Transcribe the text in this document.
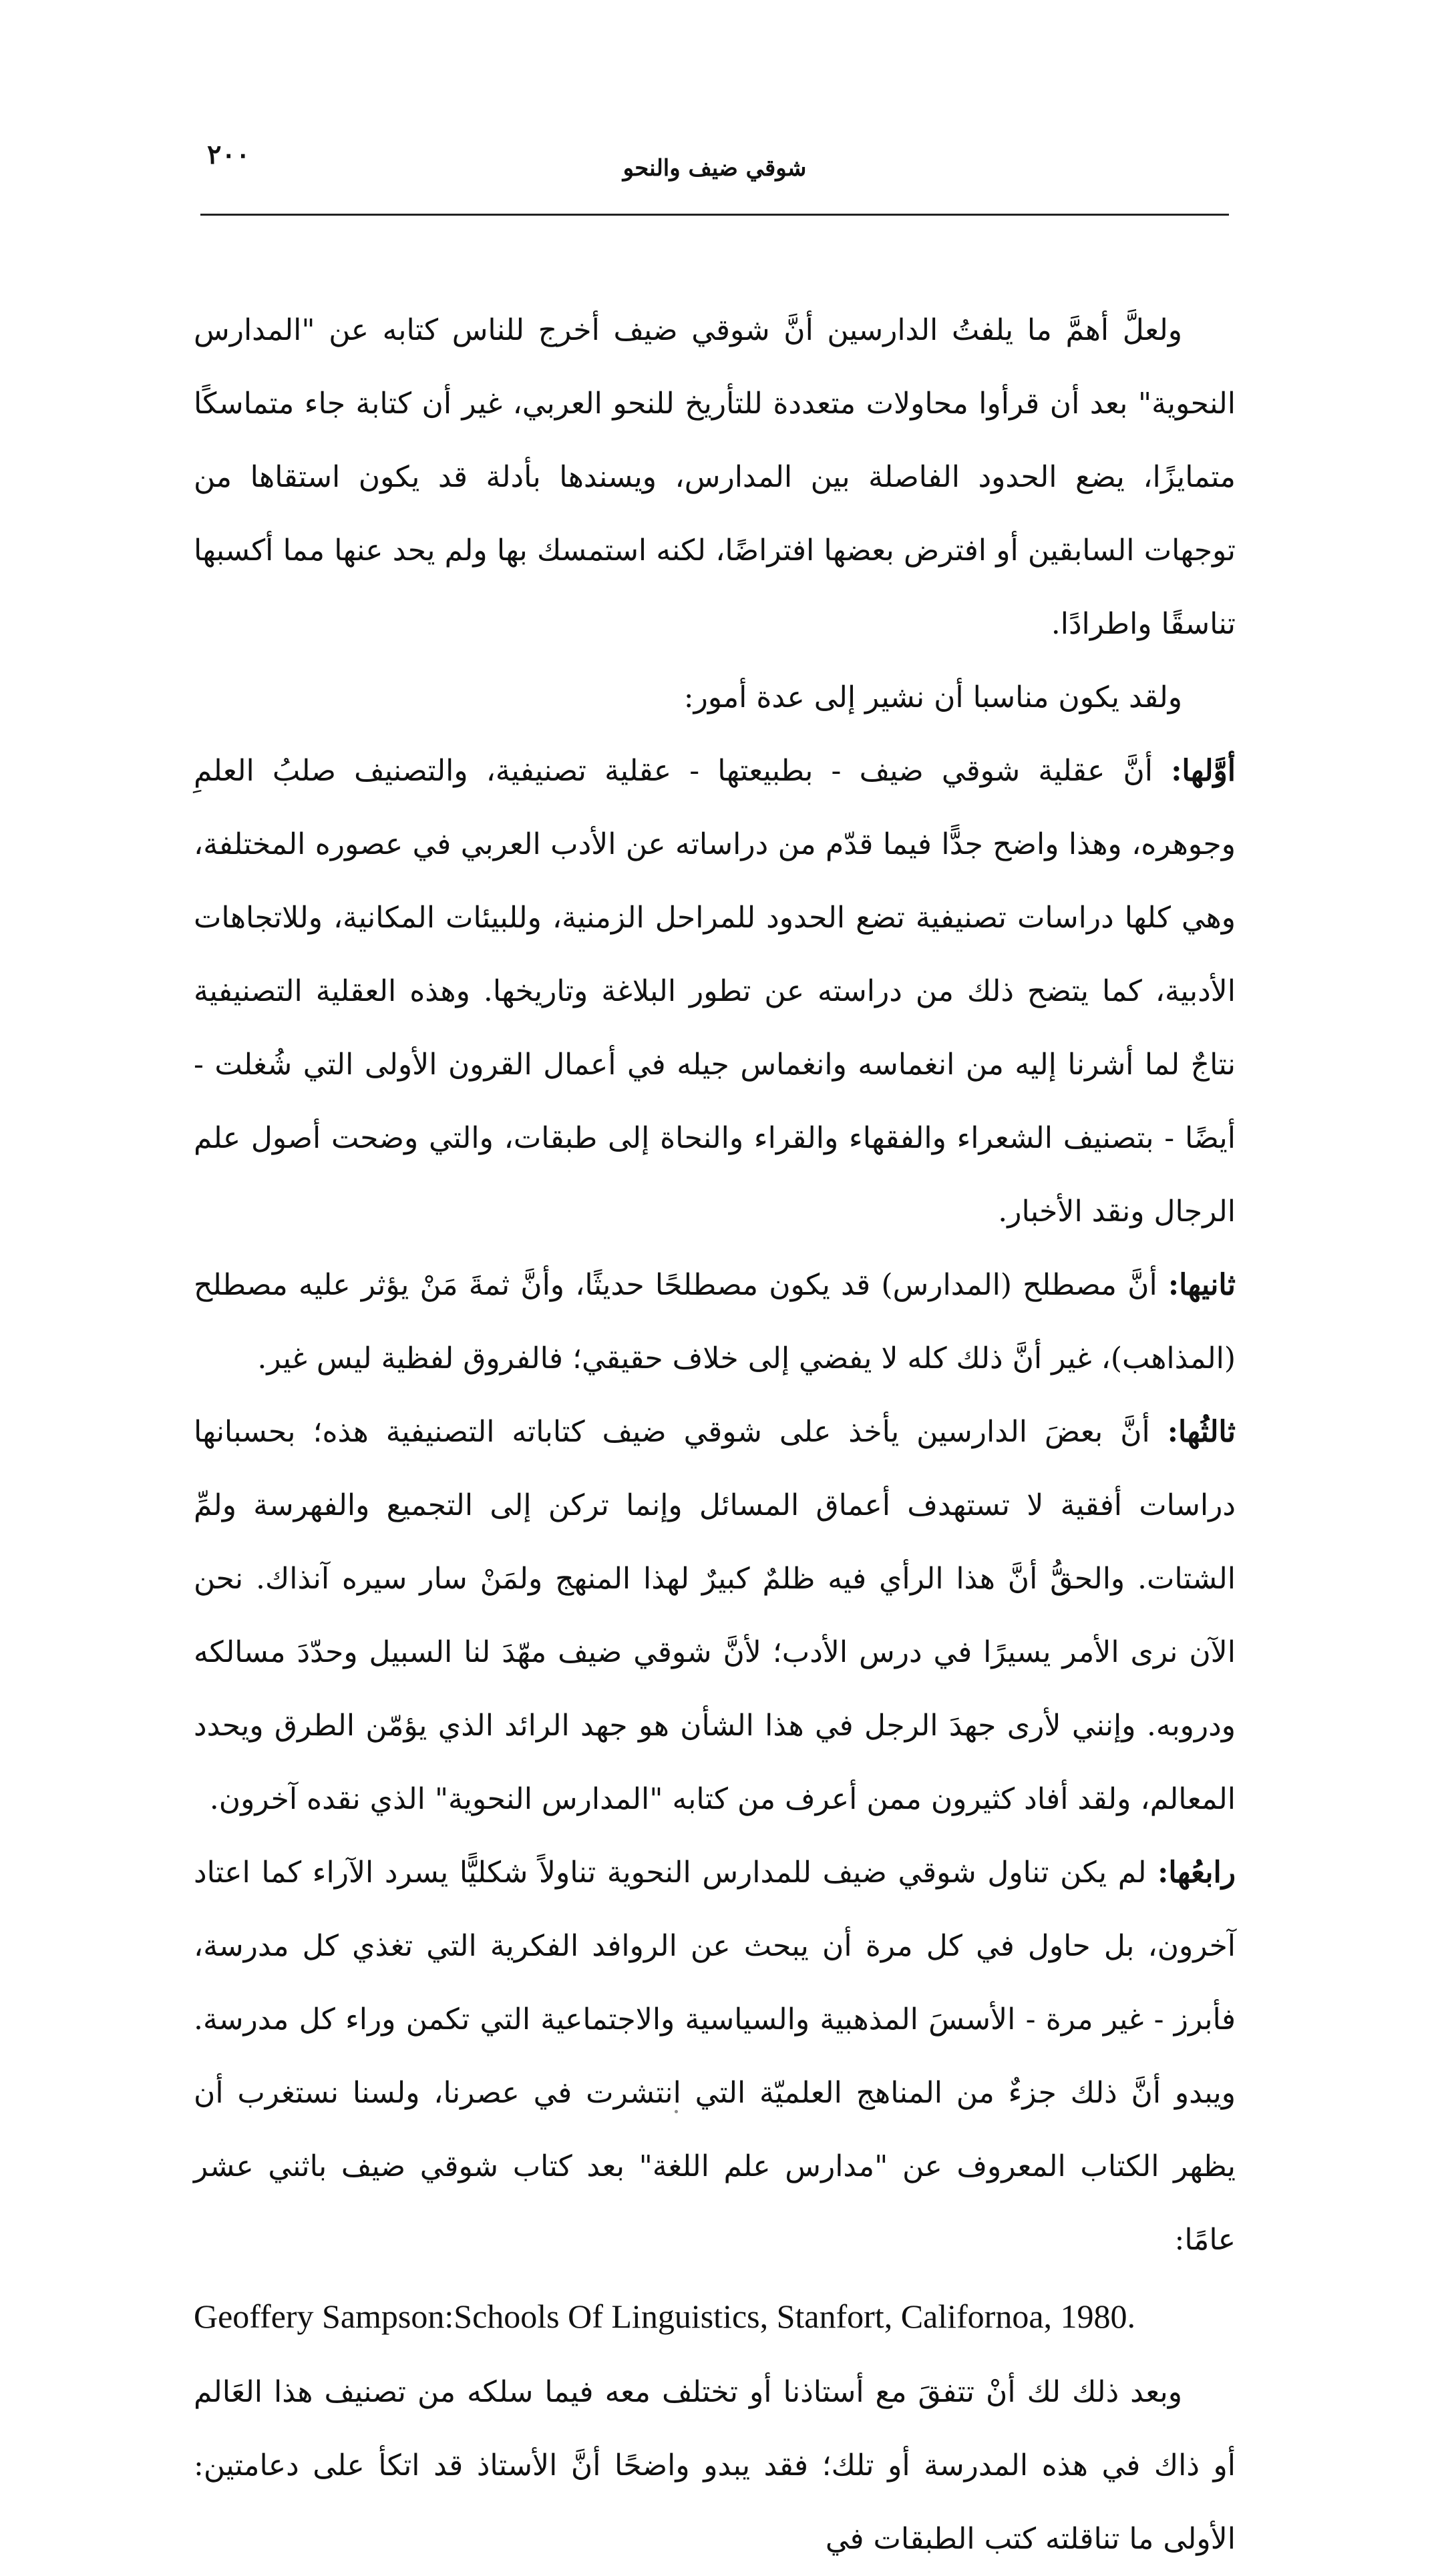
٢٠٠	شوقي ضيف والنحو

ولعلَّ أهمَّ ما يلفتُ الدارسين أنَّ شوقي ضيف أخرج للناس كتابه عن "المدارس النحوية" بعد أن قرأوا محاولات متعددة للتأريخ للنحو العربي، غير أن كتابة جاء متماسكًا متمايزًا، يضع الحدود الفاصلة بين المدارس، ويسندها بأدلة قد يكون استقاها من توجهات السابقين أو افترض بعضها افتراضًا، لكنه استمسك بها ولم يحد عنها مما أكسبها تناسقًا واطرادًا.

ولقد يكون مناسبا أن نشير إلى عدة أمور:

أوَّلها: أنَّ عقلية شوقي ضيف - بطبيعتها - عقلية تصنيفية، والتصنيف صلبُ العلمِ وجوهره، وهذا واضح جدًّا فيما قدّم من دراساته عن الأدب العربي في عصوره المختلفة، وهي كلها دراسات تصنيفية تضع الحدود للمراحل الزمنية، وللبيئات المكانية، وللاتجاهات الأدبية، كما يتضح ذلك من دراسته عن تطور البلاغة وتاريخها. وهذه العقلية التصنيفية نتاجٌ لما أشرنا إليه من انغماسه وانغماس جيله في أعمال القرون الأولى التي شُغلت - أيضًا - بتصنيف الشعراء والفقهاء والقراء والنحاة إلى طبقات، والتي وضحت أصول علم الرجال ونقد الأخبار.

ثانيها: أنَّ مصطلح (المدارس) قد يكون مصطلحًا حديثًا، وأنَّ ثمةَ مَنْ يؤثر عليه مصطلح (المذاهب)، غير أنَّ ذلك كله لا يفضي إلى خلاف حقيقي؛ فالفروق لفظية ليس غير.

ثالثُها: أنَّ بعضَ الدارسين يأخذ على شوقي ضيف كتاباته التصنيفية هذه؛ بحسبانها دراسات أفقية لا تستهدف أعماق المسائل وإنما تركن إلى التجميع والفهرسة ولمِّ الشتات. والحقُّ أنَّ هذا الرأي فيه ظلمٌ كبيرٌ لهذا المنهج ولمَنْ سار سيره آنذاك. نحن الآن نرى الأمر يسيرًا في درس الأدب؛ لأنَّ شوقي ضيف مهّدَ لنا السبيل وحدّدَ مسالكه ودروبه. وإنني لأرى جهدَ الرجل في هذا الشأن هو جهد الرائد الذي يؤمّن الطرق ويحدد المعالم، ولقد أفاد كثيرون ممن أعرف من كتابه "المدارس النحوية" الذي نقده آخرون.

رابعُها: لم يكن تناول شوقي ضيف للمدارس النحوية تناولاً شكليًّا يسرد الآراء كما اعتاد آخرون، بل حاول في كل مرة أن يبحث عن الروافد الفكرية التي تغذي كل مدرسة، فأبرز - غير مرة - الأسسَ المذهبية والسياسية والاجتماعية التي تكمن وراء كل مدرسة. ويبدو أنَّ ذلك جزءٌ من المناهج العلميّة التي انتشرت في عصرنا، ولسنا نستغرب أن يظهر الكتاب المعروف عن "مدارس علم اللغة" بعد كتاب شوقي ضيف باثني عشر عامًا:

Geoffery Sampson:Schools Of Linguistics, Stanfort, Californoa, 1980.

وبعد ذلك لك أنْ تتفقَ مع أستاذنا أو تختلف معه فيما سلكه من تصنيف هذا العَالم أو ذاك في هذه المدرسة أو تلك؛ فقد يبدو واضحًا أنَّ الأستاذ قد اتكأ على دعامتين: الأولى ما تناقلته كتب الطبقات في
